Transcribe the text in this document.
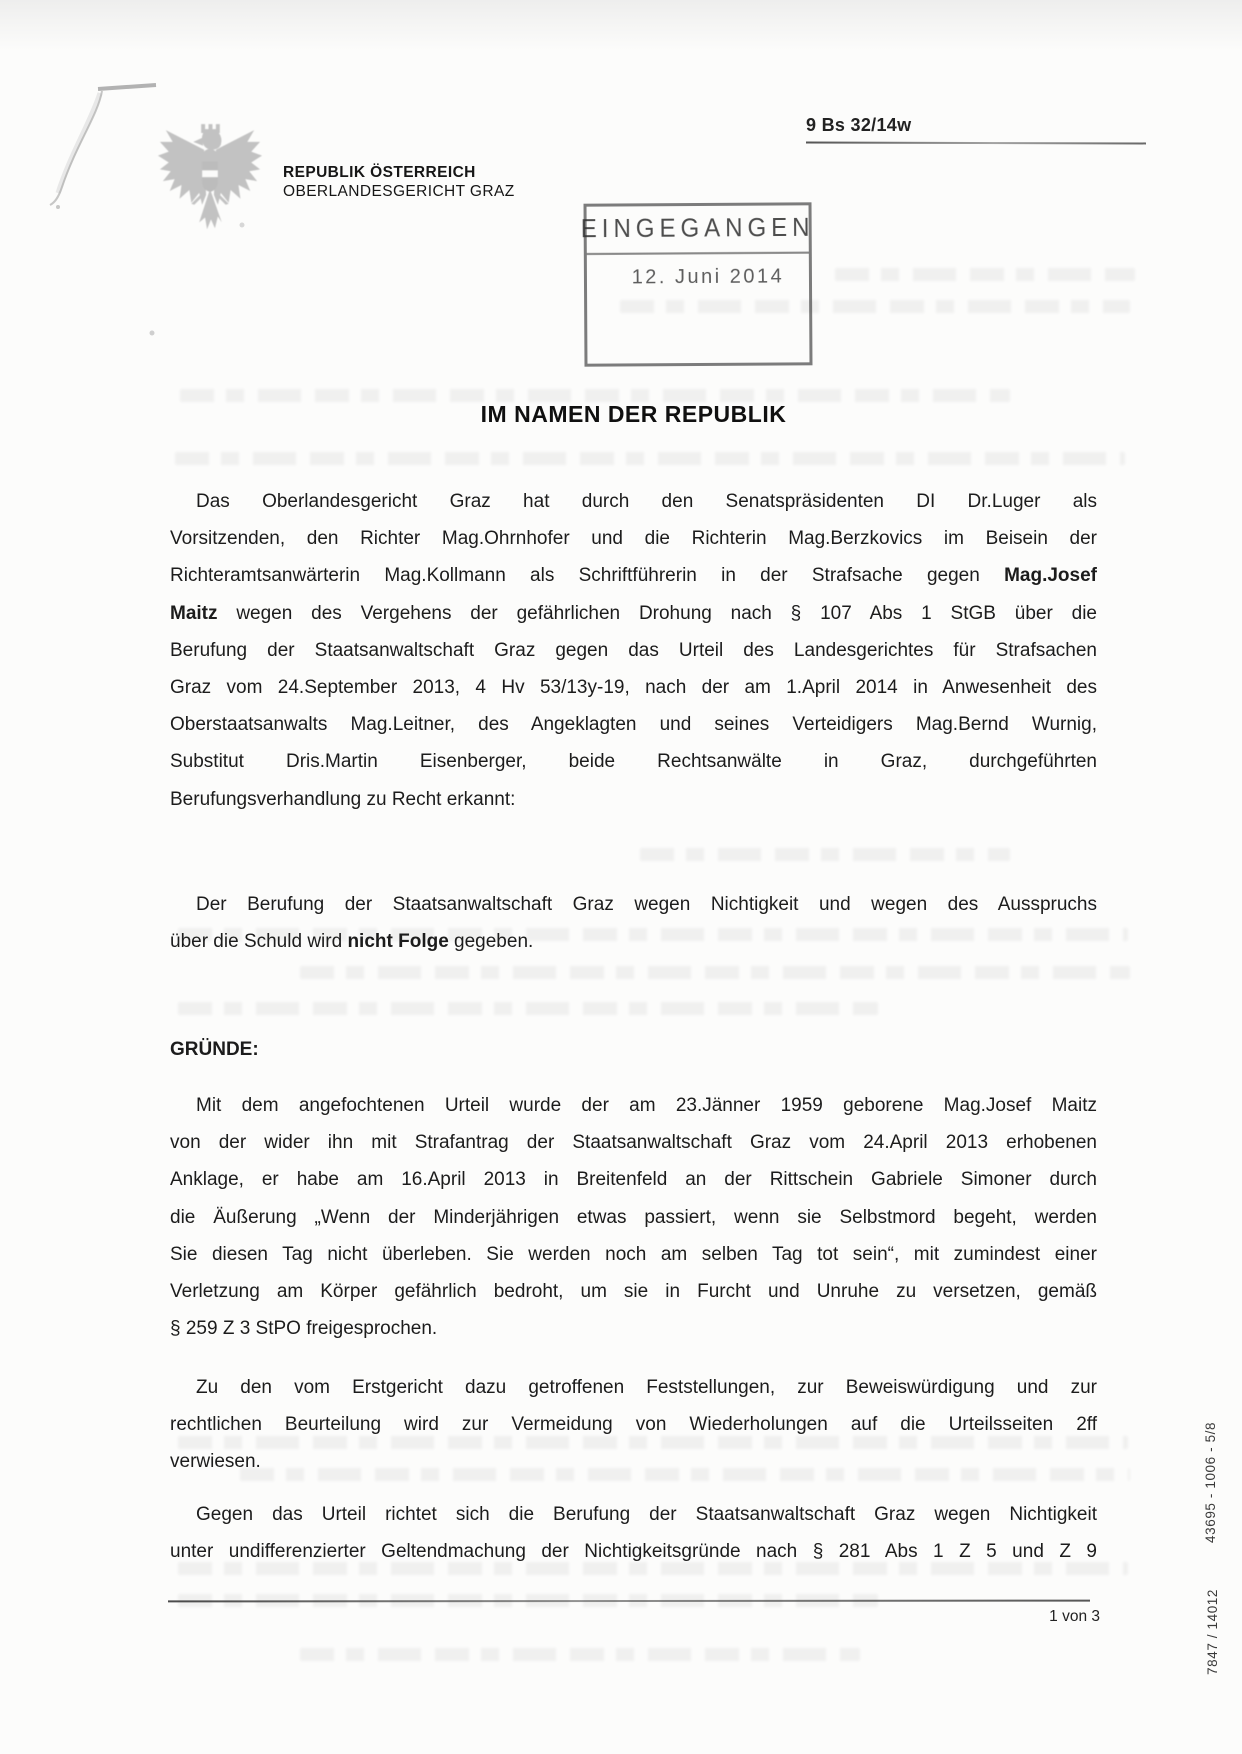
REPUBLIK ÖSTERREICH
OBERLANDESGERICHT GRAZ
9 Bs 32/14w
EINGEGANGEN
12. Juni 2014
IM NAMEN DER REPUBLIK
Das Oberlandesgericht Graz hat durch den Senatspräsidenten DI Dr.Luger als
Vorsitzenden, den Richter Mag.Ohrnhofer und die Richterin Mag.Berzkovics im Beisein der
Richteramtsanwärterin Mag.Kollmann als Schriftführerin in der Strafsache gegen Mag.Josef
Maitz wegen des Vergehens der gefährlichen Drohung nach § 107 Abs 1 StGB über die
Berufung der Staatsanwaltschaft Graz gegen das Urteil des Landesgerichtes für Strafsachen
Graz vom 24.September 2013, 4 Hv 53/13y-19, nach der am 1.April 2014 in Anwesenheit des
Oberstaatsanwalts Mag.Leitner, des Angeklagten und seines Verteidigers Mag.Bernd Wurnig,
Substitut Dris.Martin Eisenberger, beide Rechtsanwälte in Graz, durchgeführten
Berufungsverhandlung zu Recht erkannt:
Der Berufung der Staatsanwaltschaft Graz wegen Nichtigkeit und wegen des Ausspruchs
über die Schuld wird nicht Folge gegeben.
GRÜNDE:
Mit dem angefochtenen Urteil wurde der am 23.Jänner 1959 geborene Mag.Josef Maitz
von der wider ihn mit Strafantrag der Staatsanwaltschaft Graz vom 24.April 2013 erhobenen
Anklage, er habe am 16.April 2013 in Breitenfeld an der Rittschein Gabriele Simoner durch
die Äußerung „Wenn der Minderjährigen etwas passiert, wenn sie Selbstmord begeht, werden
Sie diesen Tag nicht überleben. Sie werden noch am selben Tag tot sein“, mit zumindest einer
Verletzung am Körper gefährlich bedroht, um sie in Furcht und Unruhe zu versetzen, gemäß
§ 259 Z 3 StPO freigesprochen.
Zu den vom Erstgericht dazu getroffenen Feststellungen, zur Beweiswürdigung und zur
rechtlichen Beurteilung wird zur Vermeidung von Wiederholungen auf die Urteilsseiten 2ff
verwiesen.
Gegen das Urteil richtet sich die Berufung der Staatsanwaltschaft Graz wegen Nichtigkeit
unter undifferenzierter Geltendmachung der Nichtigkeitsgründe nach § 281 Abs 1 Z 5 und Z 9
43695 - 1006 - 5/8
7847 / 14012
1 von 3
